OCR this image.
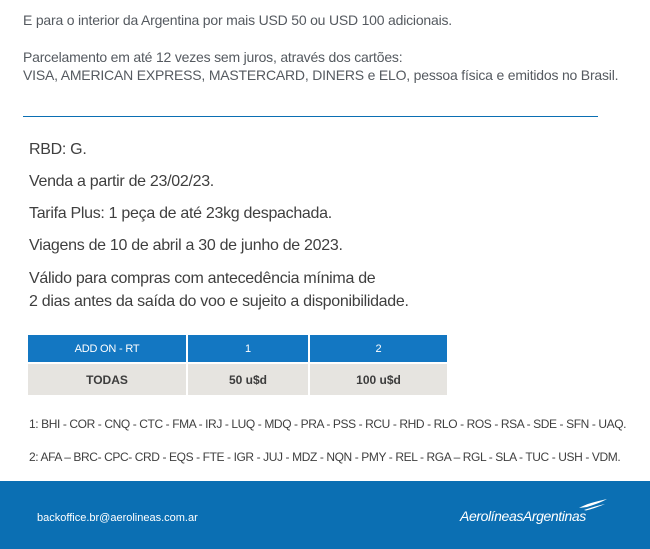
E para o interior da Argentina por mais USD 50 ou USD 100 adicionais.

Parcelamento em até 12 vezes sem juros, através dos cartões:

VISA, AMERICAN EXPRESS, MASTERCARD, DINERS e ELO, pessoa física e emitidos no Brasil.

RBD: G.
Venda a partir de 23/02/23.
Tarifa Plus: 1 peça de até 23kg despachada.
Viagens de 10 de abril a 30 de junho de 2023.
Válido para compras com antecedência mínima de
2 dias antes da saída do voo e sujeito a disponibilidade.
ADD ON - RT	1	2
TODAS	50 u$d	100 u$d
1: BHI - COR - CNQ - CTC - FMA - IRJ - LUQ - MDQ - PRA - PSS - RCU - RHD - RLO - ROS - RSA - SDE - SFN - UAQ.
2: AFA – BRC- CPC- CRD - EQS - FTE - IGR - JUJ - MDZ - NQN - PMY - REL - RGA – RGL - SLA - TUC - USH - VDM.
backoffice.br@aerolineas.com.ar	AerolíneasArgentinas
